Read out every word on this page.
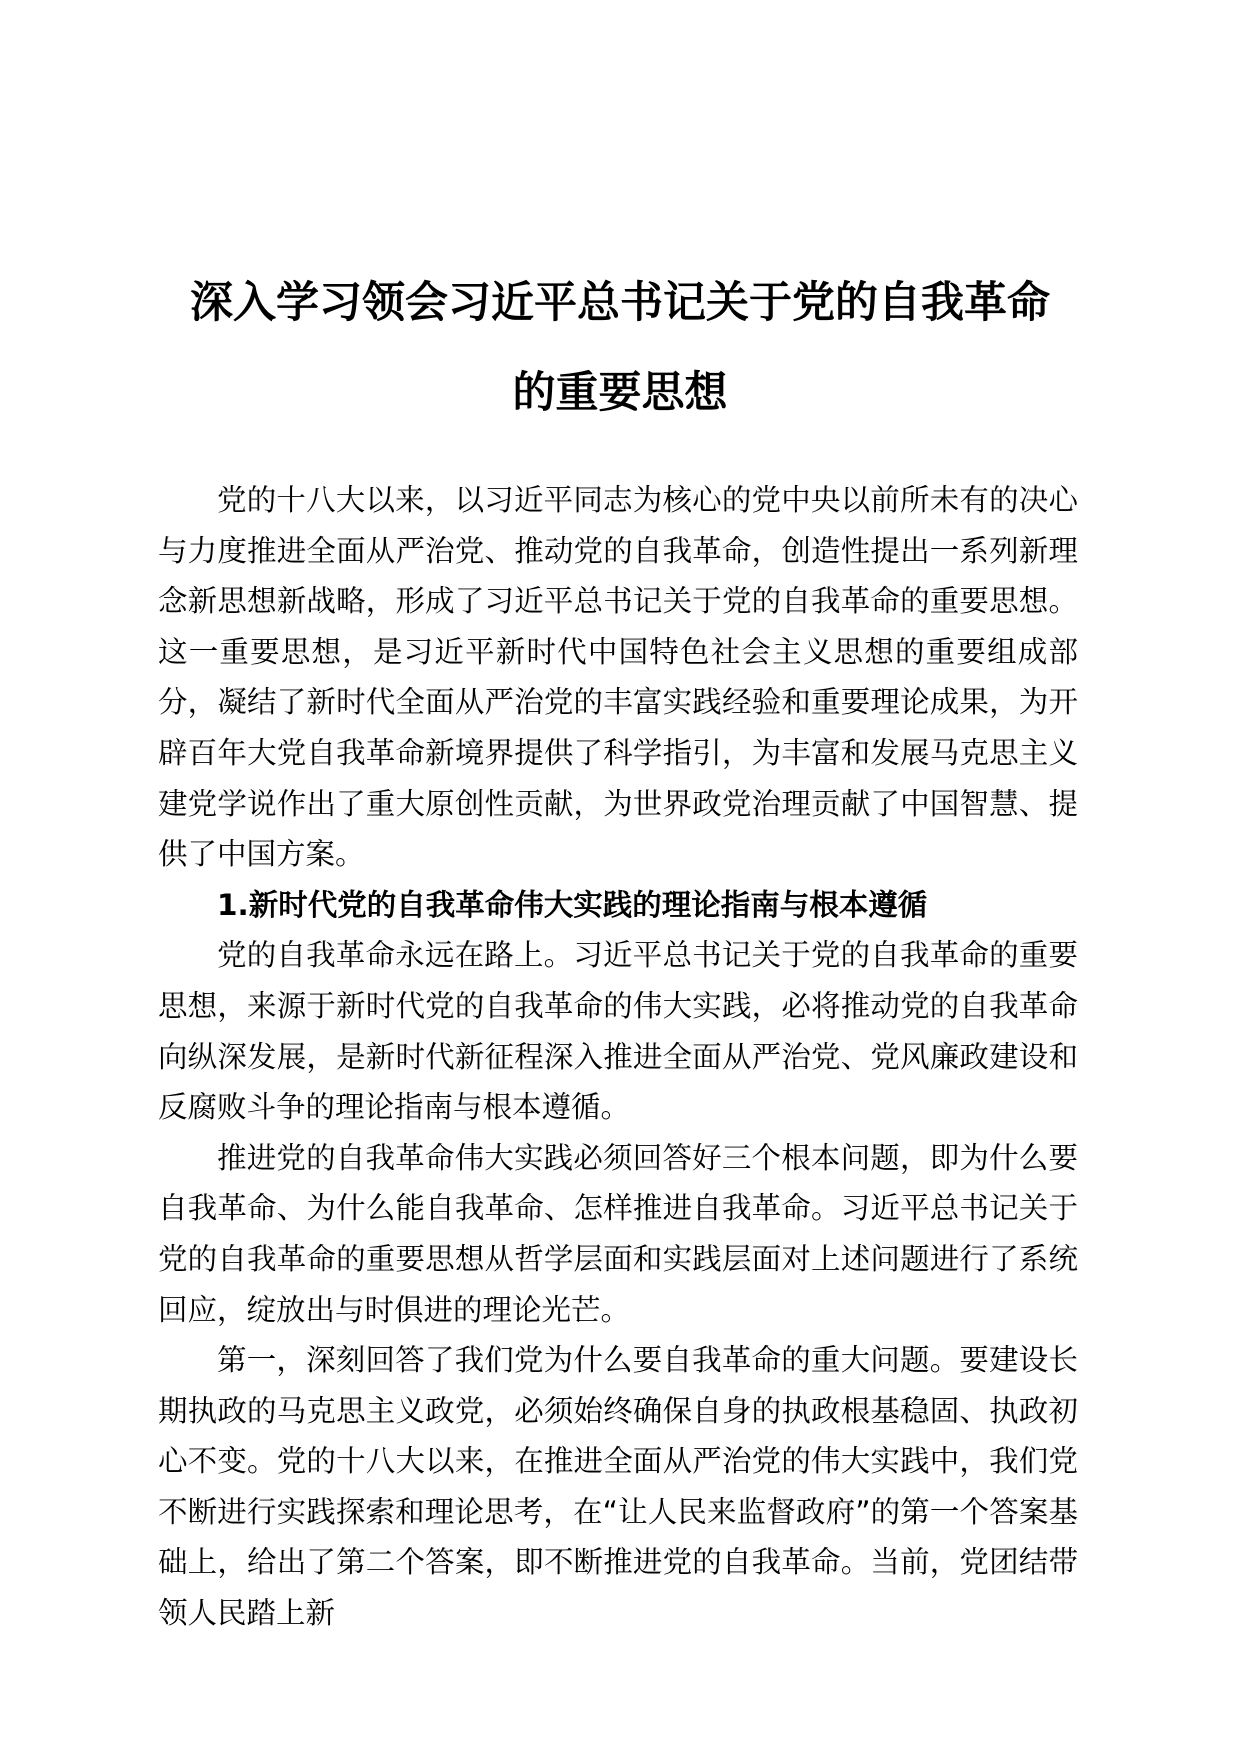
深入学习领会习近平总书记关于党的自我革命
的重要思想

党的十八大以来，以习近平同志为核心的党中央以前所未有的决心与力度推进全面从严治党、推动党的自我革命，创造性提出一系列新理念新思想新战略，形成了习近平总书记关于党的自我革命的重要思想。这一重要思想，是习近平新时代中国特色社会主义思想的重要组成部分，凝结了新时代全面从严治党的丰富实践经验和重要理论成果，为开辟百年大党自我革命新境界提供了科学指引，为丰富和发展马克思主义建党学说作出了重大原创性贡献，为世界政党治理贡献了中国智慧、提供了中国方案。

1.新时代党的自我革命伟大实践的理论指南与根本遵循

党的自我革命永远在路上。习近平总书记关于党的自我革命的重要思想，来源于新时代党的自我革命的伟大实践，必将推动党的自我革命向纵深发展，是新时代新征程深入推进全面从严治党、党风廉政建设和反腐败斗争的理论指南与根本遵循。

推进党的自我革命伟大实践必须回答好三个根本问题，即为什么要自我革命、为什么能自我革命、怎样推进自我革命。习近平总书记关于党的自我革命的重要思想从哲学层面和实践层面对上述问题进行了系统回应，绽放出与时俱进的理论光芒。

第一，深刻回答了我们党为什么要自我革命的重大问题。要建设长期执政的马克思主义政党，必须始终确保自身的执政根基稳固、执政初心不变。党的十八大以来，在推进全面从严治党的伟大实践中，我们党不断进行实践探索和理论思考，在“让人民来监督政府”的第一个答案基础上，给出了第二个答案，即不断推进党的自我革命。当前，党团结带领人民踏上新
